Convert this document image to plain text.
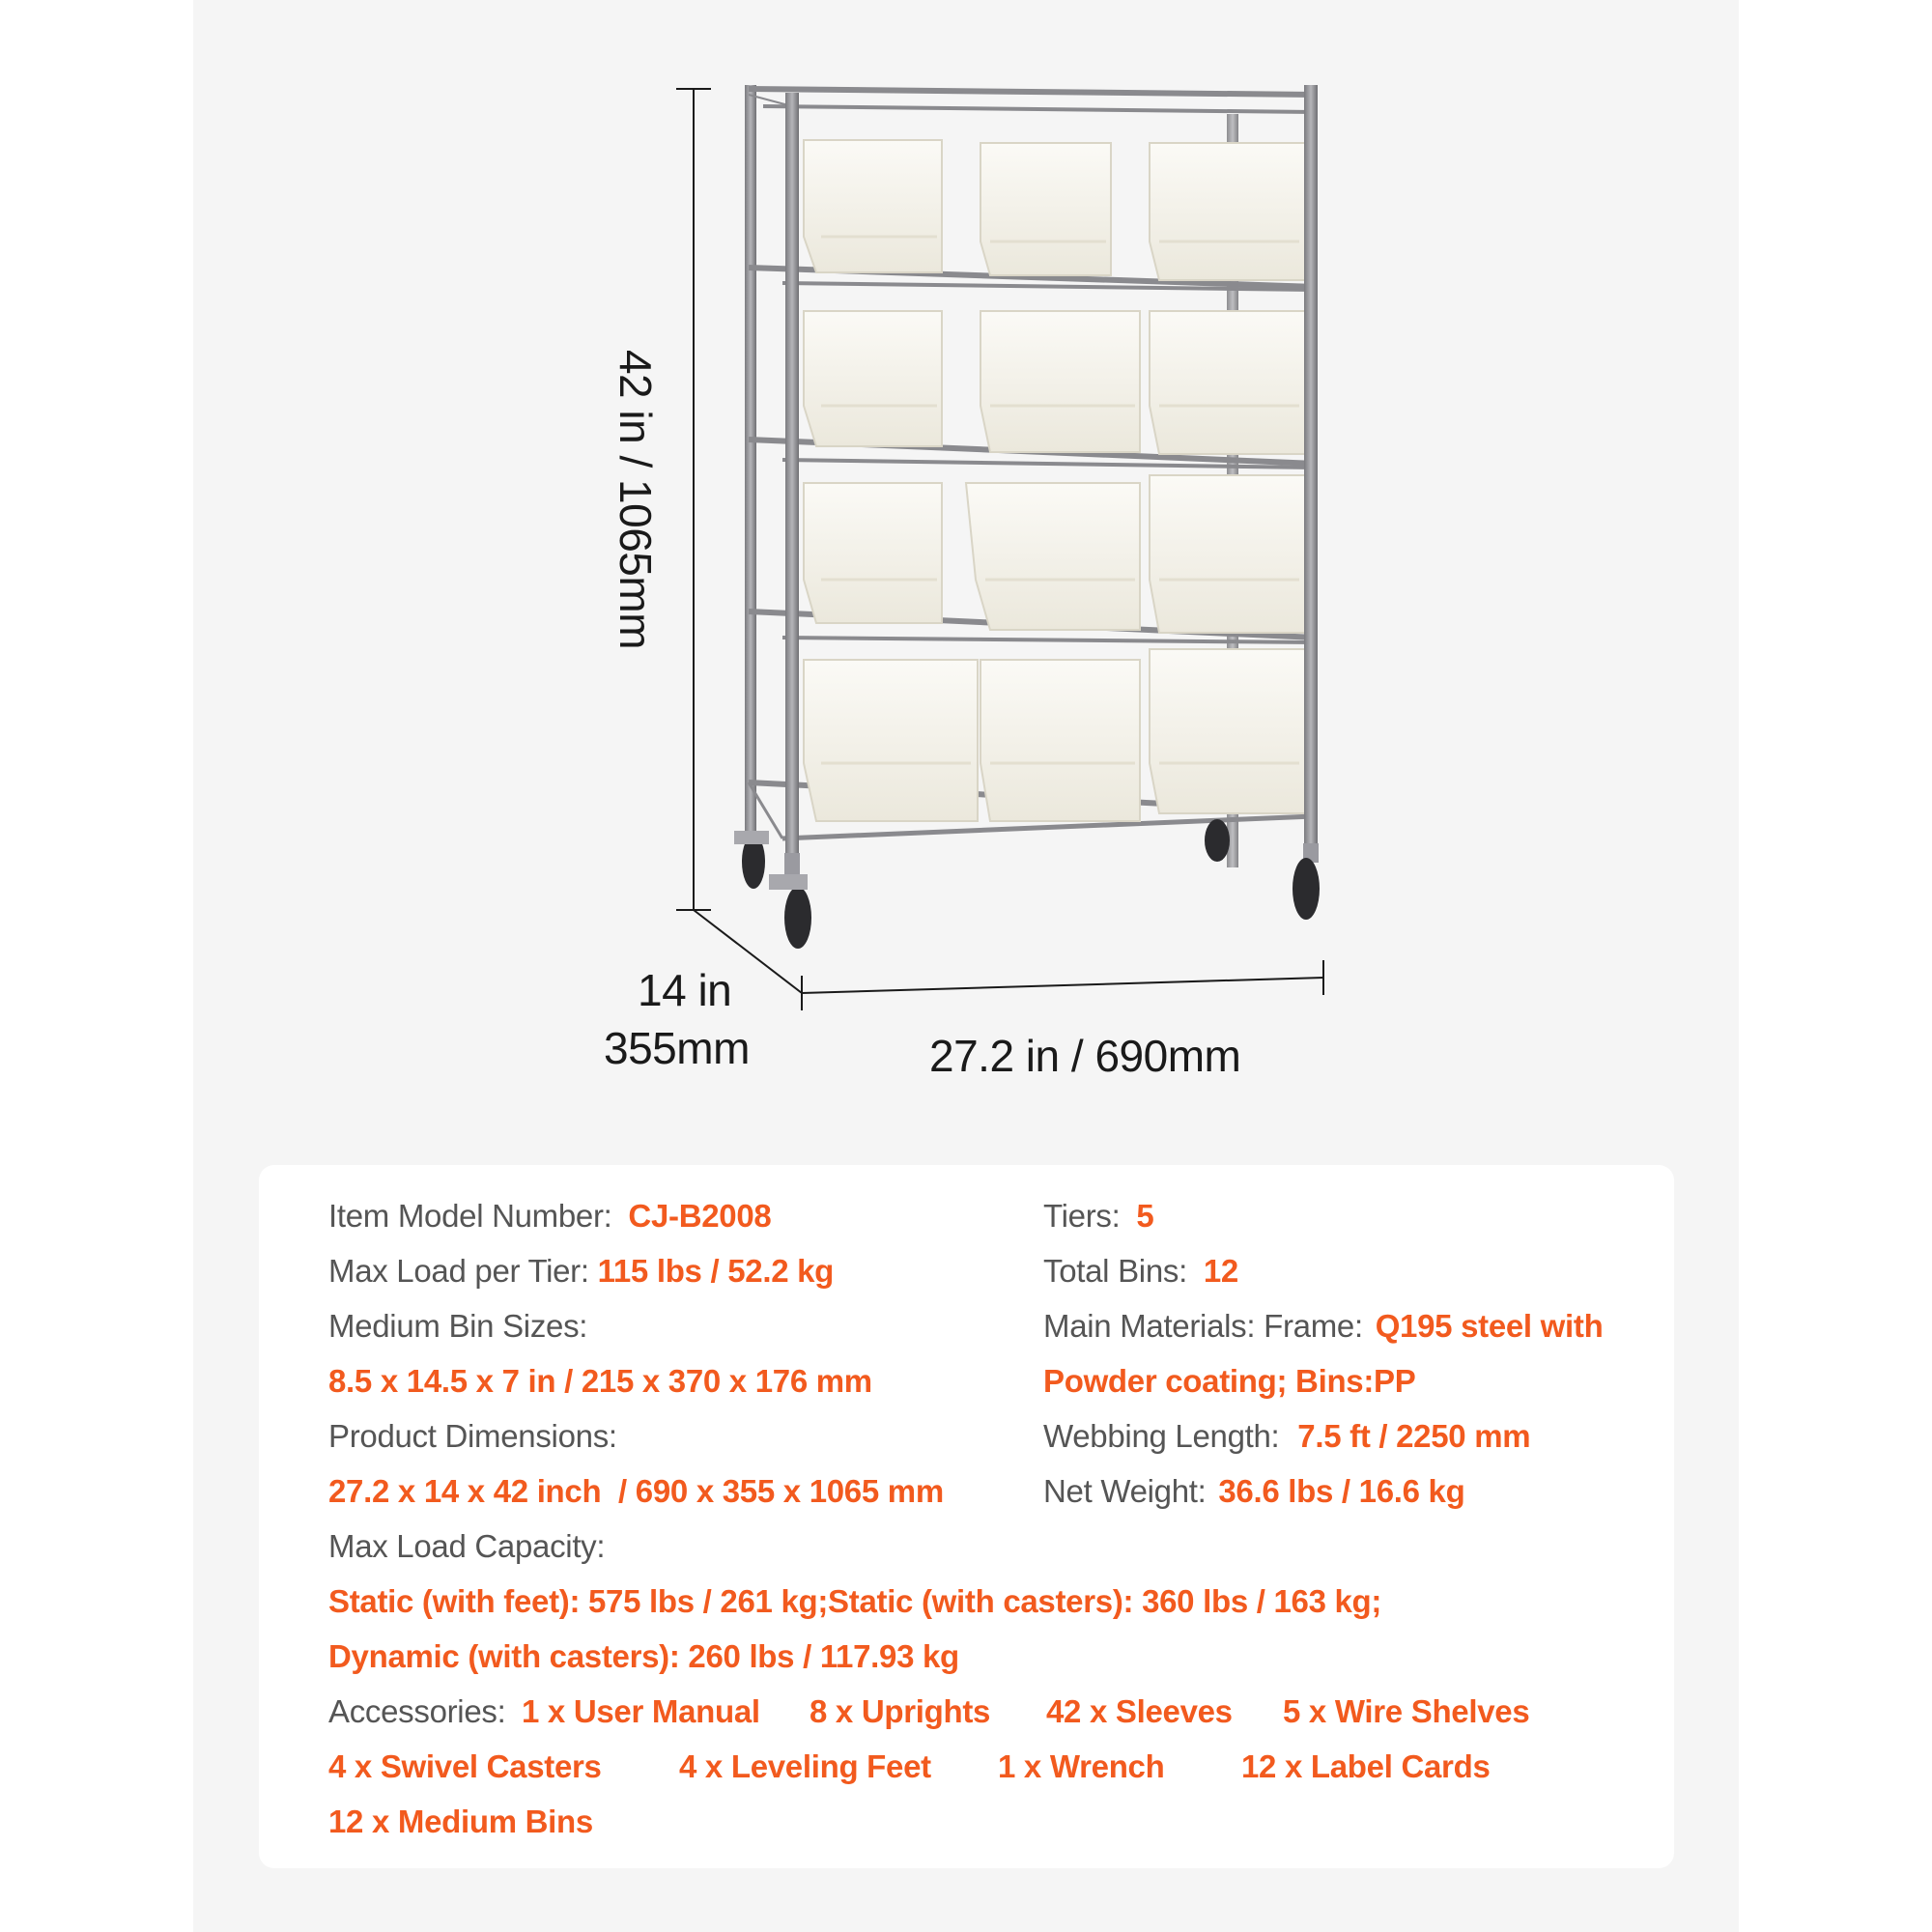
42 in / 1065mm
14 in
355mm	27.2 in / 690mm
Item Model Number: CJ-B2008
Max Load per Tier: 115 lbs / 52.2 kg
Medium Bin Sizes:
8.5 x 14.5 x 7 in / 215 x 370 x 176 mm
Product Dimensions:
27.2 x 14 x 42 inch  / 690 x 355 x 1065 mm
Max Load Capacity:
Static (with feet): 575 lbs / 261 kg;Static (with casters): 360 lbs / 163 kg;
Dynamic (with casters): 260 lbs / 117.93 kg
Tiers: 5
Total Bins: 12
Main Materials: Frame: Q195 steel with
Powder coating; Bins:PP
Webbing Length: 7.5 ft / 2250 mm
Net Weight: 36.6 lbs / 16.6 kg
Accessories: 1 x User Manual 8 x Uprights 42 x Sleeves 5 x Wire Shelves
4 x Swivel Casters 4 x Leveling Feet 1 x Wrench 12 x Label Cards
12 x Medium Bins
